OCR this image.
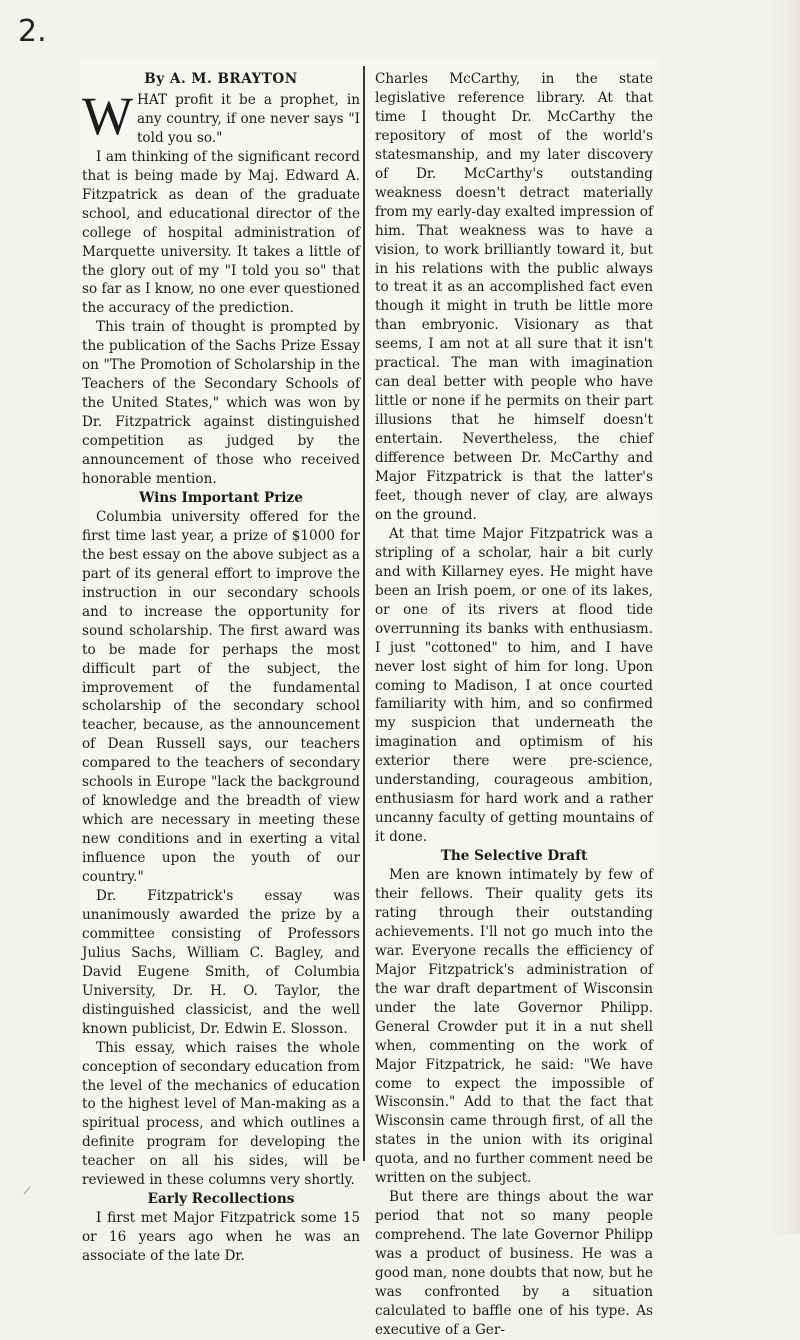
2.
By A. M. BRAYTON

WHAT profit it be a prophet, in any country, if one never says "I told you so."

I am thinking of the significant record that is being made by Maj. Edward A. Fitzpatrick as dean of the graduate school, and educational director of the college of hospital administration of Marquette university. It takes a little of the glory out of my "I told you so" that so far as I know, no one ever questioned the accuracy of the prediction.

This train of thought is prompted by the publication of the Sachs Prize Essay on "The Promotion of Scholarship in the Teachers of the Secondary Schools of the United States," which was won by Dr. Fitzpatrick against distinguished competition as judged by the announcement of those who received honorable mention.

Wins Important Prize

Columbia university offered for the first time last year, a prize of $1000 for the best essay on the above subject as a part of its general effort to improve the instruction in our secondary schools and to increase the opportunity for sound scholarship. The first award was to be made for perhaps the most difficult part of the subject, the improvement of the fundamental scholarship of the secondary school teacher, because, as the announcement of Dean Russell says, our teachers compared to the teachers of secondary schools in Europe "lack the background of knowledge and the breadth of view which are necessary in meeting these new conditions and in exerting a vital influence upon the youth of our country."

Dr. Fitzpatrick's essay was unanimously awarded the prize by a committee consisting of Professors Julius Sachs, William C. Bagley, and David Eugene Smith, of Columbia University, Dr. H. O. Taylor, the distinguished classicist, and the well known publicist, Dr. Edwin E. Slosson.

This essay, which raises the whole conception of secondary education from the level of the mechanics of education to the highest level of Man-making as a spiritual process, and which outlines a definite program for developing the teacher on all his sides, will be reviewed in these columns very shortly.

Early Recollections

I first met Major Fitzpatrick some 15 or 16 years ago when he was an associate of the late Dr.

Charles McCarthy, in the state legislative reference library. At that time I thought Dr. McCarthy the repository of most of the world's statesmanship, and my later discovery of Dr. McCarthy's outstanding weakness doesn't detract materially from my early-day exalted impression of him. That weakness was to have a vision, to work brilliantly toward it, but in his relations with the public always to treat it as an accomplished fact even though it might in truth be little more than embryonic. Visionary as that seems, I am not at all sure that it isn't practical. The man with imagination can deal better with people who have little or none if he permits on their part illusions that he himself doesn't entertain. Nevertheless, the chief difference between Dr. McCarthy and Major Fitzpatrick is that the latter's feet, though never of clay, are always on the ground.

At that time Major Fitzpatrick was a stripling of a scholar, hair a bit curly and with Killarney eyes. He might have been an Irish poem, or one of its lakes, or one of its rivers at flood tide overrunning its banks with enthusiasm. I just "cottoned" to him, and I have never lost sight of him for long. Upon coming to Madison, I at once courted familiarity with him, and so confirmed my suspicion that underneath the imagination and optimism of his exterior there were pre-science, understanding, courageous ambition, enthusiasm for hard work and a rather uncanny faculty of getting mountains of it done.

The Selective Draft

Men are known intimately by few of their fellows. Their quality gets its rating through their outstanding achievements. I'll not go much into the war. Everyone recalls the efficiency of Major Fitzpatrick's administration of the war draft department of Wisconsin under the late Governor Philipp. General Crowder put it in a nut shell when, commenting on the work of Major Fitzpatrick, he said: "We have come to expect the impossible of Wisconsin." Add to that the fact that Wisconsin came through first, of all the states in the union with its original quota, and no further comment need be written on the subject.

But there are things about the war period that not so many people comprehend. The late Governor Philipp was a product of business. He was a good man, none doubts that now, but he was confronted by a situation calculated to baffle one of his type. As executive of a Ger-
